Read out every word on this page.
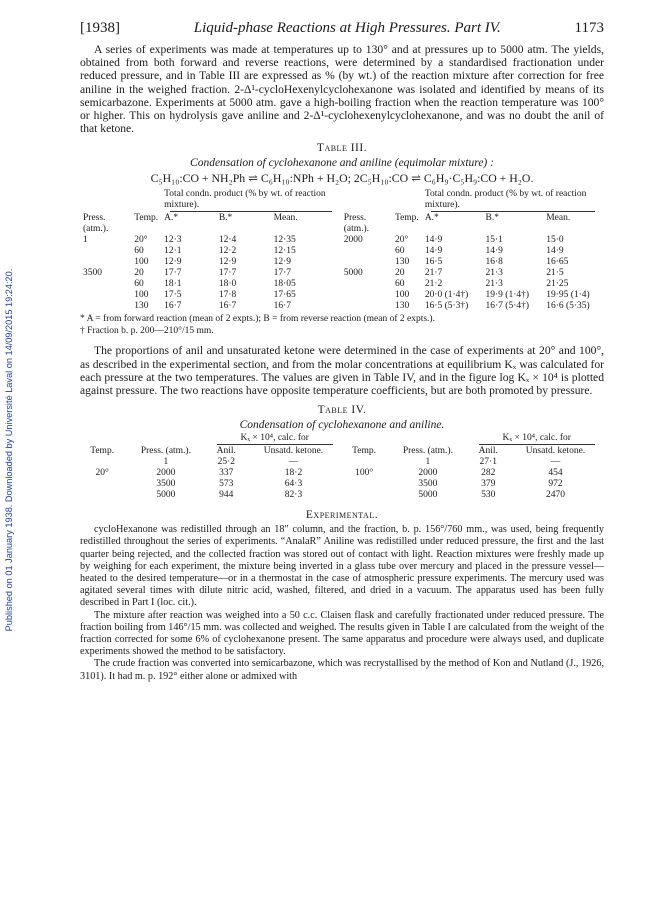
Published on 01 January 1938. Downloaded by Université Laval on 14/09/2015 19:24:20.
[1938]	Liquid-phase Reactions at High Pressures. Part IV.	1173

A series of experiments was made at temperatures up to 130° and at pressures up to 5000 atm. The yields, obtained from both forward and reverse reactions, were determined by a standardised fractionation under reduced pressure, and in Table III are expressed as % (by wt.) of the reaction mixture after correction for free aniline in the weighed fraction. 2-Δ¹-cycloHexenylcyclohexanone was isolated and identified by means of its semicarbazone. Experiments at 5000 atm. gave a high-boiling fraction when the reaction temperature was 100° or higher. This on hydrolysis gave aniline and 2-Δ¹-cyclohexenylcyclohexanone, and was no doubt the anil of that ketone.

Table III.
Condensation of cyclohexanone and aniline (equimolar mixture) :
C₅H₁₀:CO + NH₂Ph ⇌ C₆H₁₀:NPh + H₂O; 2C₅H₁₀:CO ⇌ C₆H₉·C₅H₉:CO + H₂O.
		Total condn. product (% by wt. of reaction mixture).					Total condn. product (% by wt. of reaction mixture).		

Press. (atm.).	Temp.	A.*	B.*	Mean.	Press. (atm.).	Temp.	A.*	B.*	Mean.
1	20°	12·3	12·4	12·35	2000	20°	14·9	15·1	15·0
	60	12·1	12·2	12·15		60	14·9	14·9	14·9
	100	12·9	12·9	12·9		130	16·5	16·8	16·65
3500	20	17·7	17·7	17·7	5000	20	21·7	21·3	21·5
	60	18·1	18·0	18·05		60	21·2	21·3	21·25
	100	17·5	17·8	17·65		100	20·0 (1·4†)	19·9 (1·4†)	19·95 (1·4)
	130	16·7	16·7	16·7		130	16·5 (5·3†)	16·7 (5·4†)	16·6 (5·35)
* A = from forward reaction (mean of 2 expts.); B = from reverse reaction (mean of 2 expts.).
† Fraction b. p. 200—210°/15 mm.

The proportions of anil and unsaturated ketone were determined in the case of experiments at 20° and 100°, as described in the experimental section, and from the molar concentrations at equilibrium Kₓ was calculated for each pressure at the two temperatures. The values are given in Table IV, and in the figure log Kₓ × 10⁴ is plotted against pressure. The two reactions have opposite temperature coefficients, but are both promoted by pressure.

Table IV.
Condensation of cyclohexanone and aniline.
		Kₓ × 10⁴, calc. for				Kₓ × 10⁴, calc. for	

Temp.	Press. (atm.).	Anil.	Unsatd. ketone.	Temp.	Press. (atm.).	Anil.	Unsatd. ketone.
	1	25·2	—		1	27·1	—
20°	2000	337	18·2	100°	2000	282	454
	3500	573	64·3		3500	379	972
	5000	944	82·3		5000	530	2470
Experimental.

cycloHexanone was redistilled through an 18″ column, and the fraction, b. p. 156°/760 mm., was used, being frequently redistilled throughout the series of experiments. “AnalaR” Aniline was redistilled under reduced pressure, the first and the last quarter being rejected, and the collected fraction was stored out of contact with light. Reaction mixtures were freshly made up by weighing for each experiment, the mixture being inverted in a glass tube over mercury and placed in the pressure vessel—heated to the desired temperature—or in a thermostat in the case of atmospheric pressure experiments. The mercury used was agitated several times with dilute nitric acid, washed, filtered, and dried in a vacuum. The apparatus used has been fully described in Part I (loc. cit.).

The mixture after reaction was weighed into a 50 c.c. Claisen flask and carefully fractionated under reduced pressure. The fraction boiling from 146°/15 mm. was collected and weighed. The results given in Table I are calculated from the weight of the fraction corrected for some 6% of cyclohexanone present. The same apparatus and procedure were always used, and duplicate experiments showed the method to be satisfactory.

The crude fraction was converted into semicarbazone, which was recrystallised by the method of Kon and Nutland (J., 1926, 3101). It had m. p. 192° either alone or admixed with
